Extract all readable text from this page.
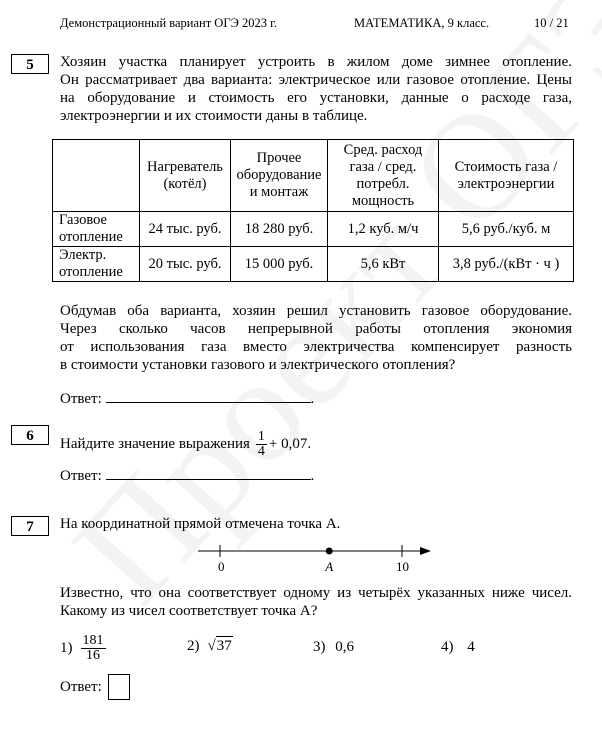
Демонстрационный вариант ОГЭ 2023 г.	МАТЕМАТИКА, 9 класс.	10 / 21
5	Хозяин участка планирует устроить в жилом доме зимнее отопление.
Он рассматривает два варианта: электрическое или газовое отопление. Цены
на оборудование и стоимость его установки, данные о расходе газа,
электроэнергии и их стоимости даны в таблице.

	Нагреватель (котёл)	Прочее оборудование и монтаж	Сред. расход газа / сред. потребл. мощность	Стоимость газа / электроэнергии

Газовое отопление	24 тыс. руб.	18 280 руб.	1,2 куб. м/ч	5,6 руб./куб. м

Электр. отопление	20 тыс. руб.	15 000 руб.	5,6 кВт	3,8 руб./(кВт · ч )
Обдумав оба варианта, хозяин решил установить газовое оборудование.
Через сколько часов непрерывной работы отопления экономия
от использования газа вместо электричества компенсирует разность
в стоимости установки газового и электрического отопления?
Ответ:	.
6	Найдите значение выражения $\frac{1}{4} + 0,07$.
Ответ:	.
7	На координатной прямой отмечена точка A.
0	A	10
Известно, что она соответствует одному из четырёх указанных ниже чисел.
Какому из чисел соответствует точка A?
$1) \frac{181}{16}$	2) √ 37	3) 0,6	4) 4
Ответ:
